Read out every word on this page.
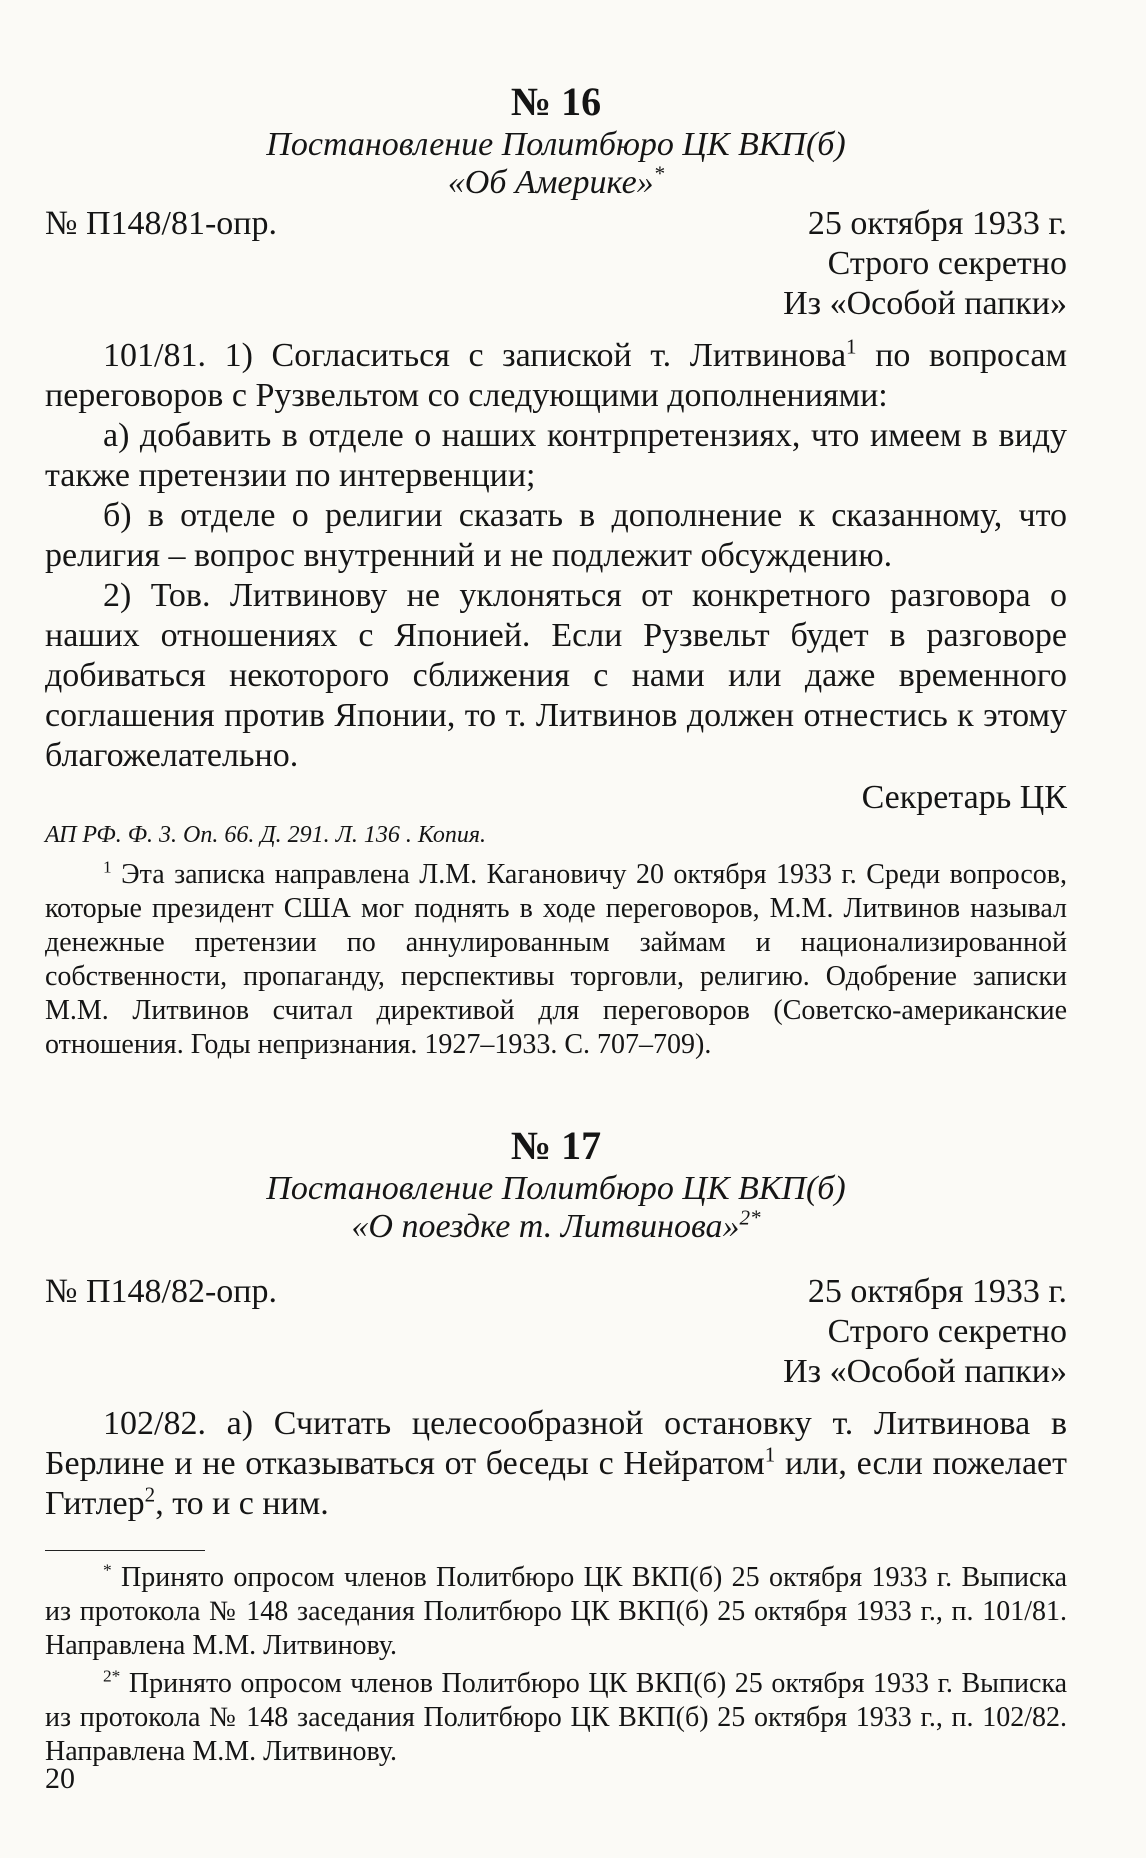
№ 16
Постановление Политбюро ЦК ВКП(б)
«Об Америке»*
№ П148/81-опр.	25 октября 1933 г.
Строго секретно
Из «Особой папки»

101/81. 1) Согласиться с запиской т. Литвинова$^1$ по вопросам переговоров с Рузвельтом со следующими дополнениями:

а) добавить в отделе о наших контрпретензиях, что имеем в виду также претензии по интервенции;

б) в отделе о религии сказать в дополнение к сказанному, что религия – вопрос внутренний и не подлежит обсуждению.

2) Тов. Литвинову не уклоняться от конкретного разговора о наших отношениях с Японией. Если Рузвельт будет в разговоре добиваться некоторого сближения с нами или даже временного соглашения против Японии, то т. Литвинов должен отнестись к этому благожелательно.

Секретарь ЦК
АП РФ. Ф. 3. Оп. 66. Д. 291. Л. 136 . Копия.

$^1$ Эта записка направлена Л.М. Кагановичу 20 октября 1933 г. Среди вопросов, которые президент США мог поднять в ходе переговоров, М.М. Литвинов называл денежные претензии по аннулированным займам и национализированной собственности, пропаганду, перспективы торговли, религию. Одобрение записки М.М. Литвинов считал директивой для переговоров (Советско-американские отношения. Годы непризнания. 1927–1933. С. 707–709).

№ 17
Постановление Политбюро ЦК ВКП(б)
«О поездке т. Литвинова»$^{2*}$
№ П148/82-опр.	25 октября 1933 г.
Строго секретно
Из «Особой папки»

102/82. а) Считать целесообразной остановку т. Литвинова в Берлине и не отказываться от беседы с Нейратом$^1$ или, если пожелает Гитлер$^2$, то и с ним.

* Принято опросом членов Политбюро ЦК ВКП(б) 25 октября 1933 г. Выписка из протокола № 148 заседания Политбюро ЦК ВКП(б) 25 октября 1933 г., п. 101/81. Направлена М.М. Литвинову.

$^{2*}$ Принято опросом членов Политбюро ЦК ВКП(б) 25 октября 1933 г. Выписка из протокола № 148 заседания Политбюро ЦК ВКП(б) 25 октября 1933 г., п. 102/82. Направлена М.М. Литвинову.

20
